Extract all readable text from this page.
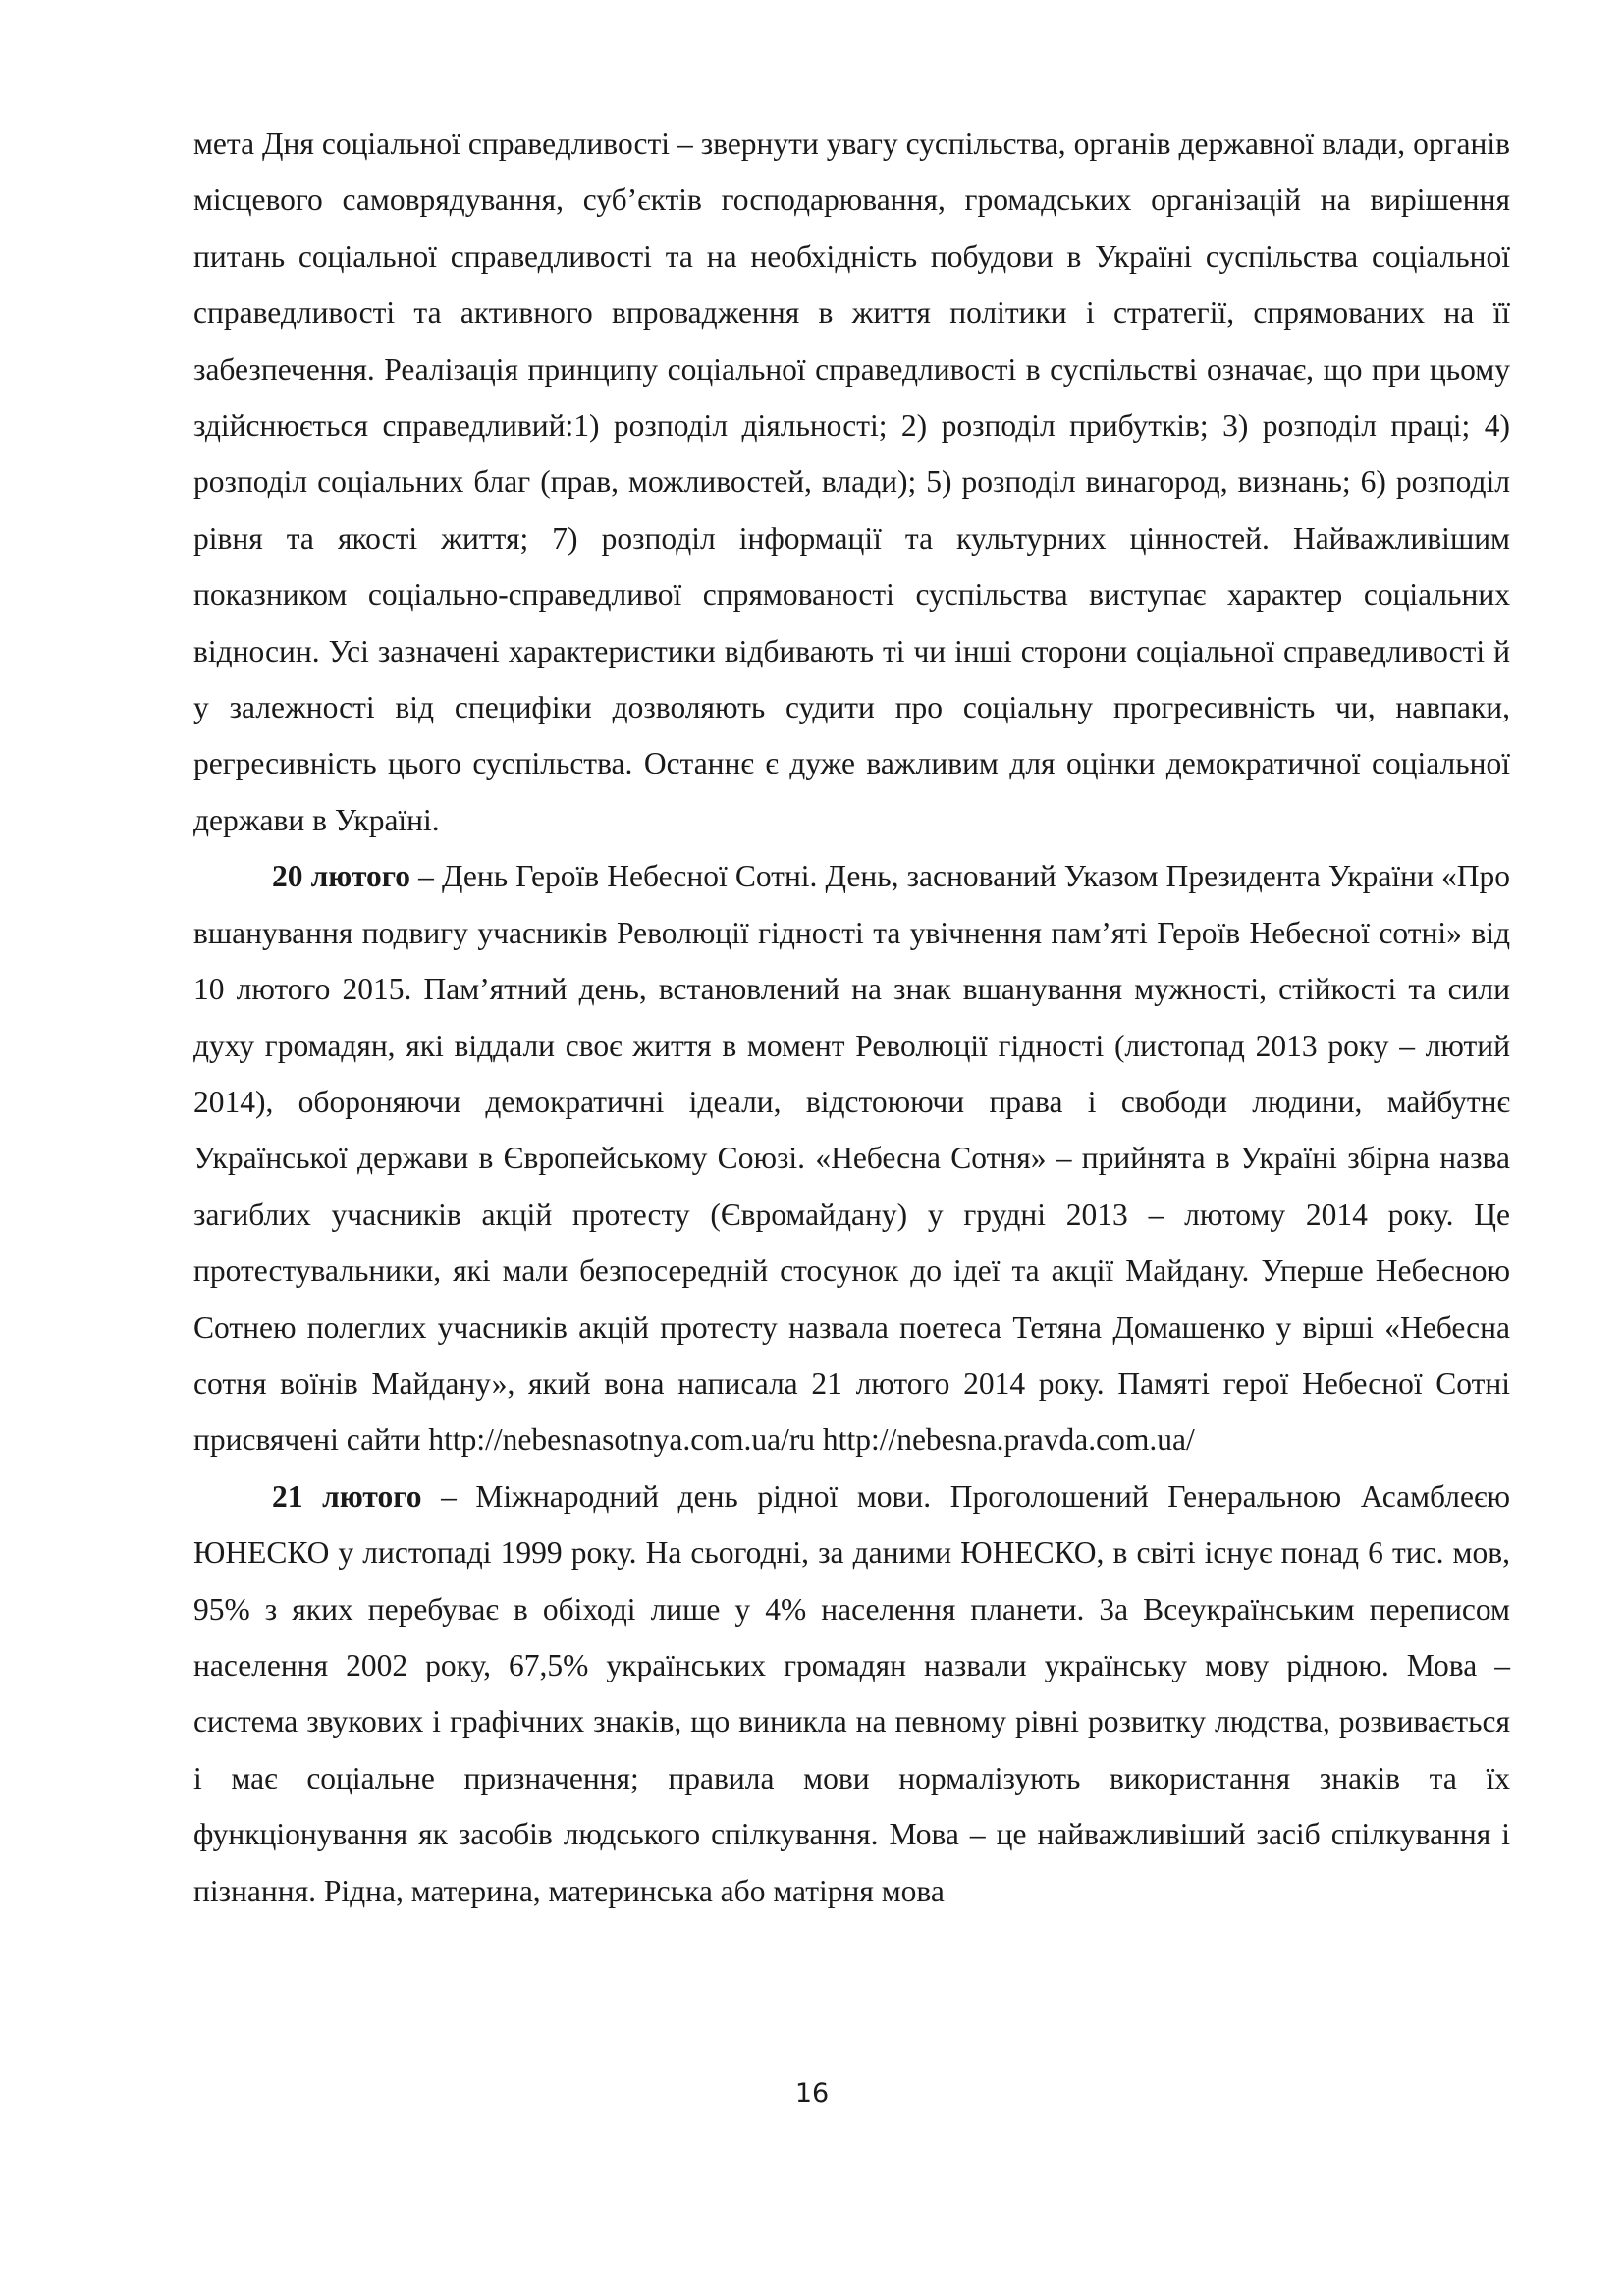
мета Дня соціальної справедливості – звернути увагу суспільства, органів державної влади, органів місцевого самоврядування, суб’єктів господарювання, громадських організацій на вирішення питань соціальної справедливості та на необхідність побудови в Україні суспільства соціальної справедливості та активного впровадження в життя політики і стратегії, спрямованих на її забезпечення. Реалізація принципу соціальної справедливості в суспільстві означає, що при цьому здійснюється справедливий:1) розподіл діяльності; 2) розподіл прибутків; 3) розподіл праці; 4) розподіл соціальних благ (прав, можливостей, влади); 5) розподіл винагород, визнань; 6) розподіл рівня та якості життя; 7) розподіл інформації та культурних цінностей. Найважливішим показником соціально-справедливої спрямованості суспільства виступає характер соціальних відносин. Усі зазначені характеристики відбивають ті чи інші сторони соціальної справедливості й у залежності від специфіки дозволяють судити про соціальну прогресивність чи, навпаки, регресивність цього суспільства. Останнє є дуже важливим для оцінки демократичної соціальної держави в Україні.

20 лютого – День Героїв Небесної Сотні. День, заснований Указом Президента України «Про вшанування подвигу учасників Революції гідності та увічнення пам’яті Героїв Небесної сотні» від 10 лютого 2015. Пам’ятний день, встановлений на знак вшанування мужності, стійкості та сили духу громадян, які віддали своє життя в момент Революції гідності (листопад 2013 року – лютий 2014), обороняючи демократичні ідеали, відстоюючи права і свободи людини, майбутнє Української держави в Європейському Союзі. «Небесна Сотня» – прийнята в Україні збірна назва загиблих учасників акцій протесту (Євромайдану) у грудні 2013 – лютому 2014 року. Це протестувальники, які мали безпосередній стосунок до ідеї та акції Майдану. Уперше Небесною Сотнею полеглих учасників акцій протесту назвала поетеса Тетяна Домашенко у вірші «Небесна сотня воїнів Майдану», який вона написала 21 лютого 2014 року. Памяті герої Небесної Сотні присвячені сайти http://nebesnasotnya.com.ua/ru http://nebesna.pravda.com.ua/

21 лютого – Міжнародний день рідної мови. Проголошений Генеральною Асамблеєю ЮНЕСКО у листопаді 1999 року. На сьогодні, за даними ЮНЕСКО, в світі існує понад 6 тис. мов, 95% з яких перебуває в обіході лише у 4% населення планети. За Всеукраїнським переписом населення 2002 року, 67,5% українських громадян назвали українську мову рідною. Мова – система звукових і графічних знаків, що виникла на певному рівні розвитку людства, розвивається і має соціальне призначення; правила мови нормалізують використання знаків та їх функціонування як засобів людського спілкування. Мова – це найважливіший засіб спілкування і пізнання. Рідна, материна, материнська або матірня мова

16
